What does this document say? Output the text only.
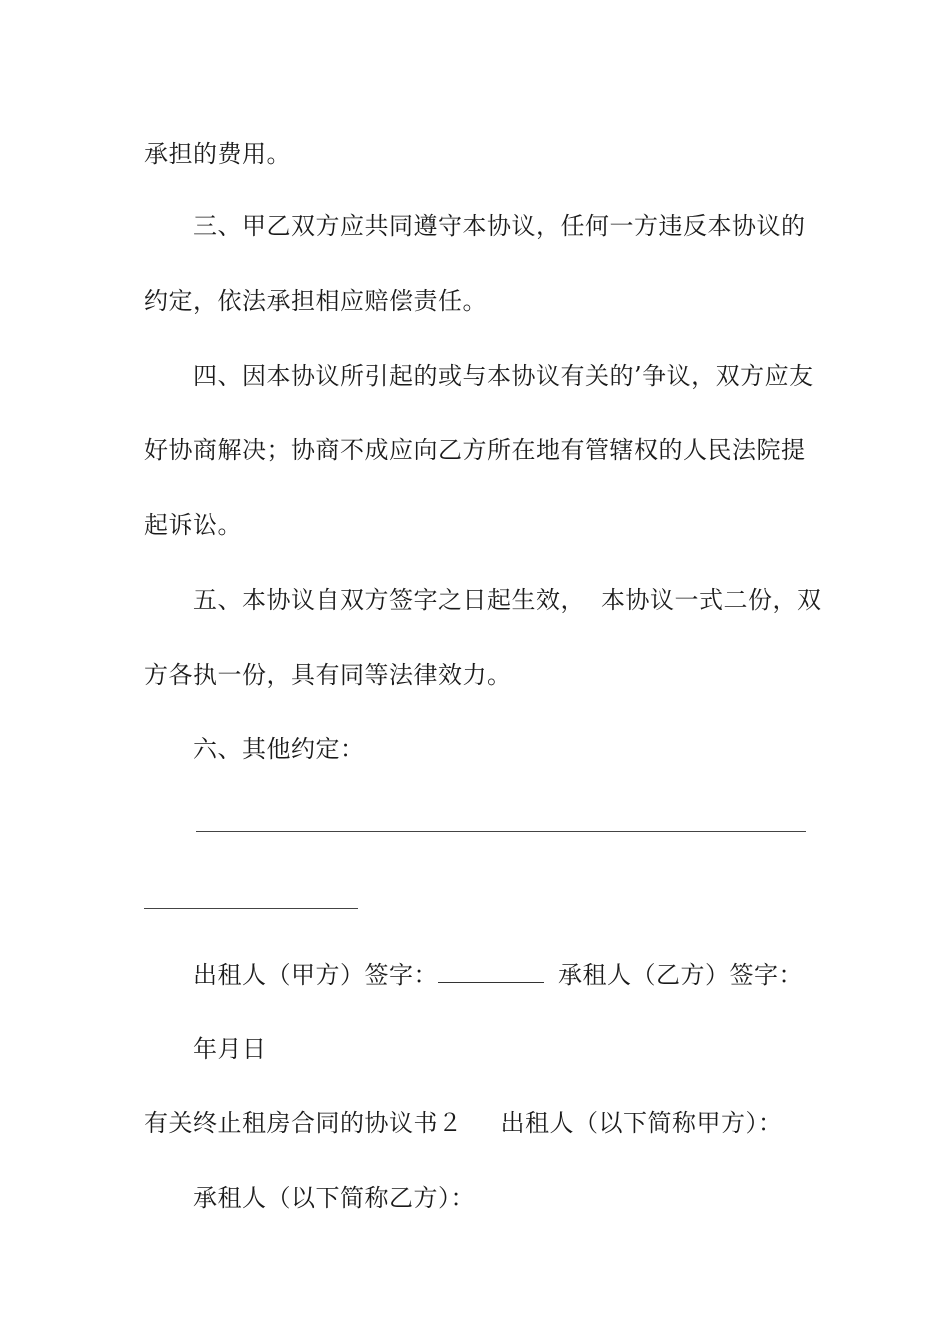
承担的费用。
三、甲乙双方应共同遵守本协议，任何一方违反本协议的
约定，依法承担相应赔偿责任。
四、因本协议所引起的或与本协议有关的’争议，双方应友
好协商解决；协商不成应向乙方所在地有管辖权的人民法院提
起诉讼。
五、本协议自双方签字之日起生效， 本协议一式二份，双
方各执一份，具有同等法律效力。
六、其他约定：
出租人（甲方）签字：	承租人（乙方）签字：
年月日
有关终止租房合同的协议书２ 出租人（以下简称甲方）：
承租人（以下简称乙方）：
